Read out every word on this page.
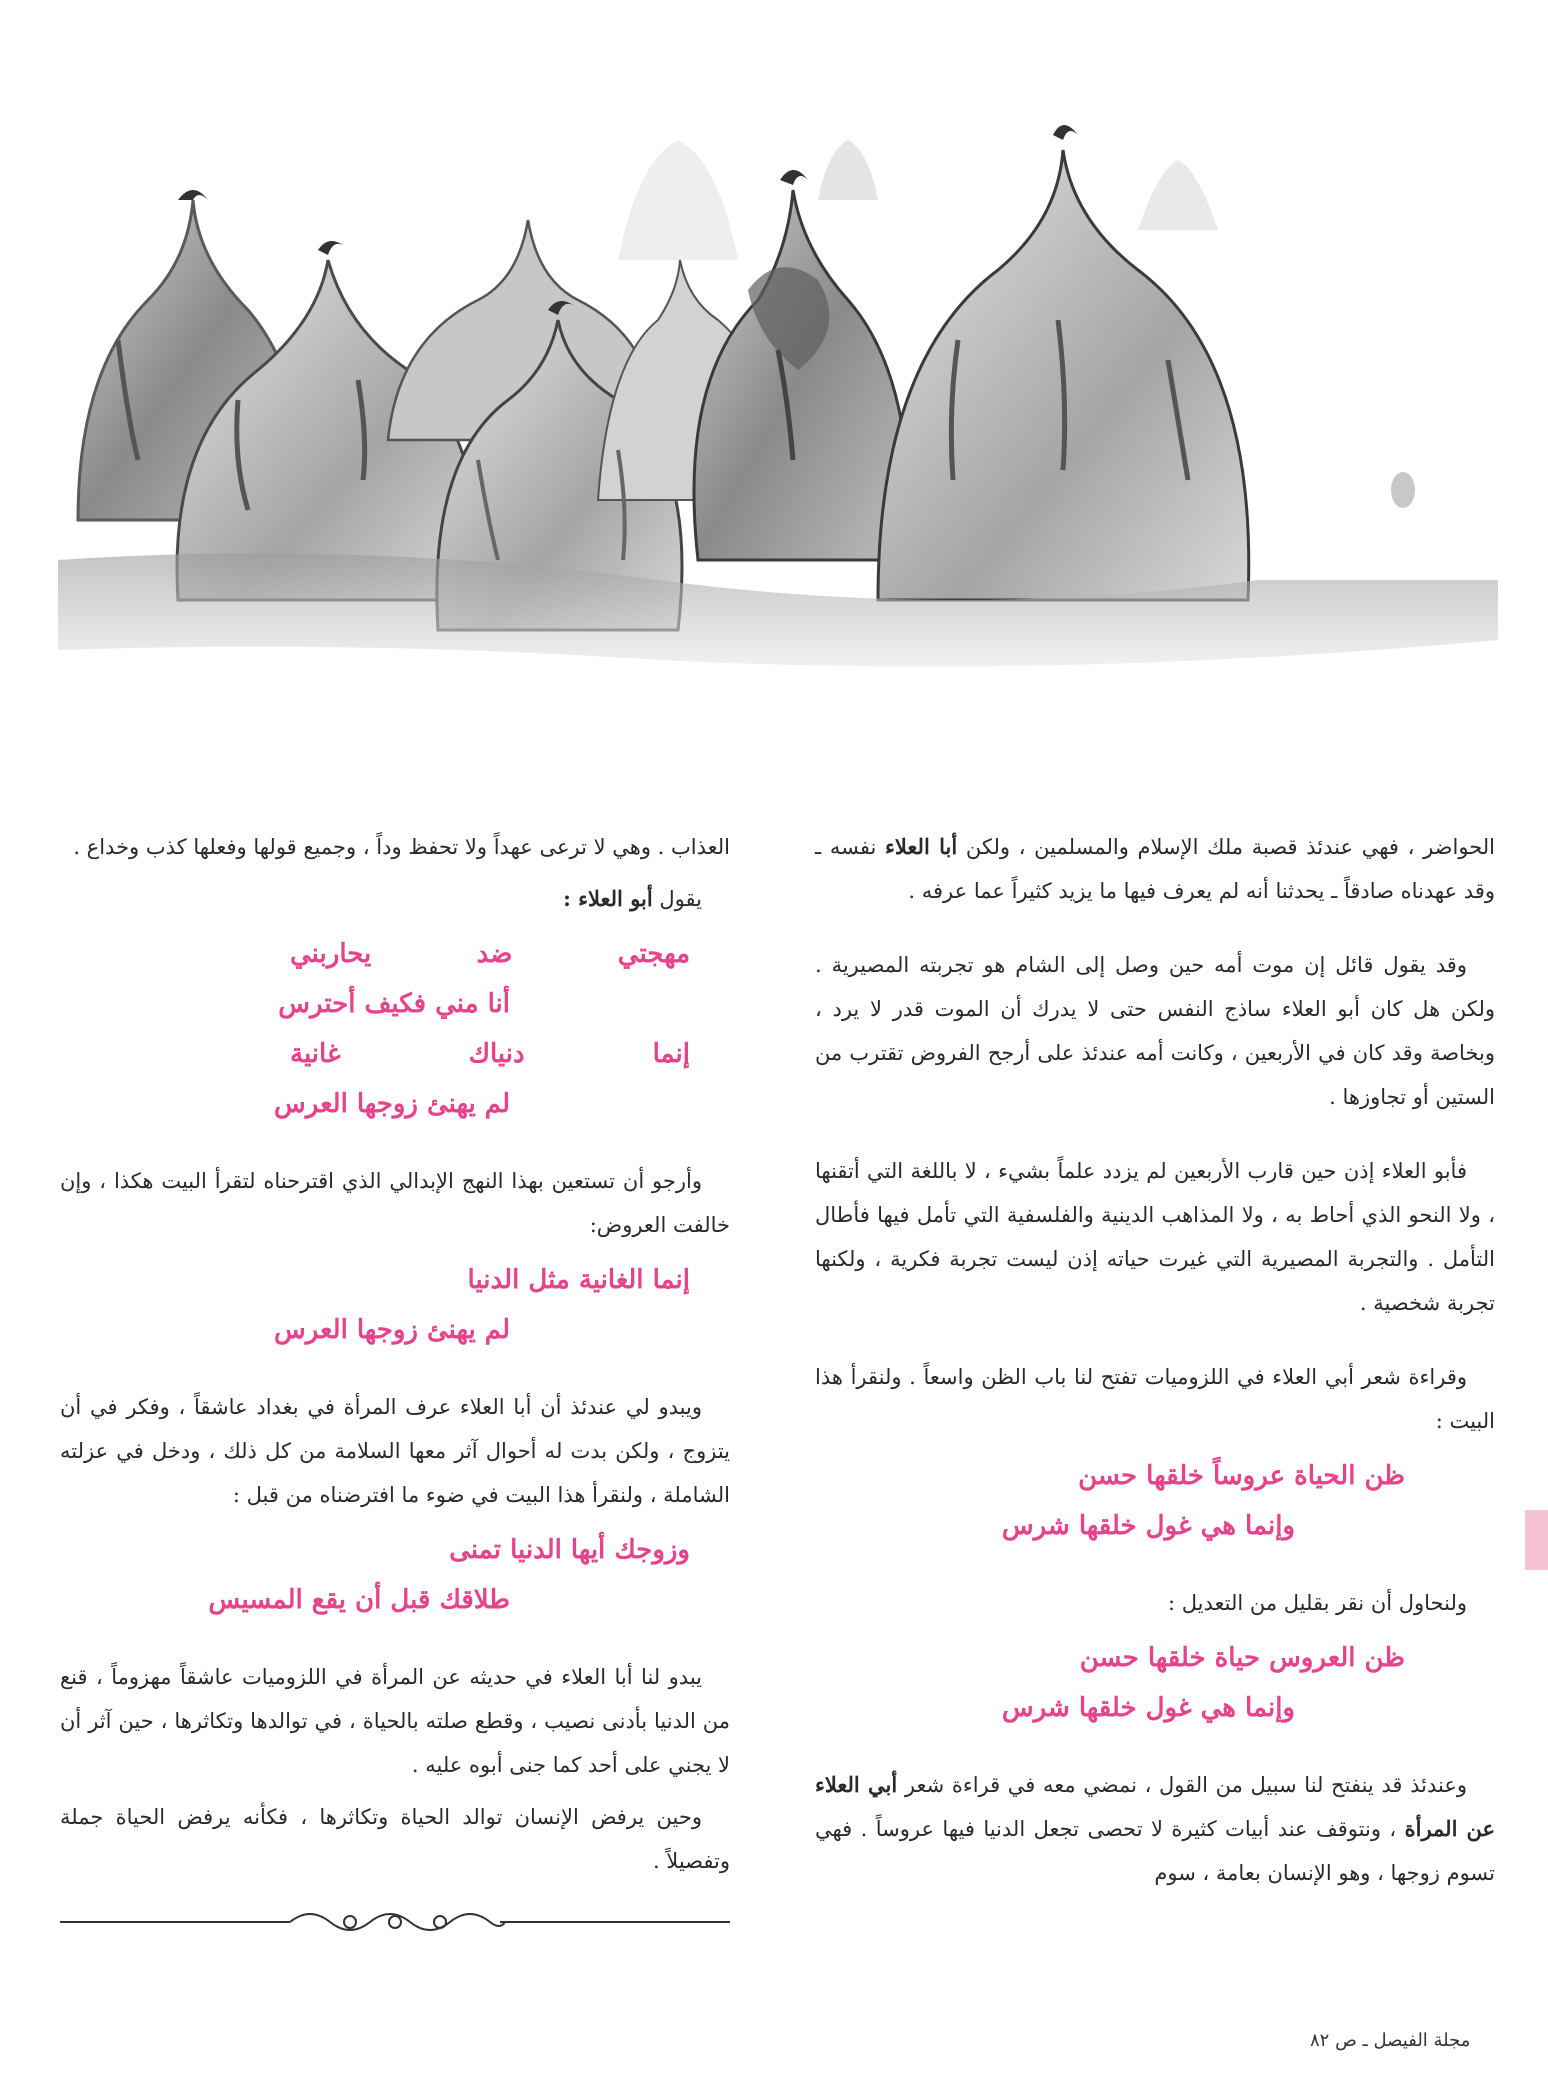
الحواضر ، فهي عندئذ قصبة ملك الإسلام والمسلمين ، ولكن أبا العلاء نفسه ـ وقد عهدناه صادقاً ـ يحدثنا أنه لم يعرف فيها ما يزيد كثيراً عما عرفه .

وقد يقول قائل إن موت أمه حين وصل إلى الشام هو تجربته المصيرية . ولكن هل كان أبو العلاء ساذج النفس حتى لا يدرك أن الموت قدر لا يرد ، وبخاصة وقد كان في الأربعين ، وكانت أمه عندئذ على أرجح الفروض تقترب من الستين أو تجاوزها .

فأبو العلاء إذن حين قارب الأربعين لم يزدد علماً بشيء ، لا باللغة التي أتقنها ، ولا النحو الذي أحاط به ، ولا المذاهب الدينية والفلسفية التي تأمل فيها فأطال التأمل . والتجربة المصيرية التي غيرت حياته إذن ليست تجربة فكرية ، ولكنها تجربة شخصية .

وقراءة شعر أبي العلاء في اللزوميات تفتح لنا باب الظن واسعاً . ولنقرأ هذا البيت :

ظن الحياة عروساً خلقها حسن
وإنما هي غول خلقها شرس

ولنحاول أن نقر بقليل من التعديل :

ظن العروس حياة خلقها حسن
وإنما هي غول خلقها شرس

وعندئذ قد ينفتح لنا سبيل من القول ، نمضي معه في قراءة شعر أبي العلاء عن المرأة ، ونتوقف عند أبيات كثيرة لا تحصى تجعل الدنيا فيها عروساً . فهي تسوم زوجها ، وهو الإنسان بعامة ، سوم

العذاب . وهي لا ترعى عهداً ولا تحفظ وداً ، وجميع قولها وفعلها كذب وخداع .

يقول أبو العلاء :

مهجتي
ضد
يحاربني
أنا مني فكيف أحترس
إنما
دنياك
غانية
لم يهنئ زوجها العرس

وأرجو أن تستعين بهذا النهج الإبدالي الذي اقترحناه لتقرأ البيت هكذا ، وإن خالفت العروض:

إنما الغانية مثل الدنيا
لم يهنئ زوجها العرس

ويبدو لي عندئذ أن أبا العلاء عرف المرأة في بغداد عاشقاً ، وفكر في أن يتزوج ، ولكن بدت له أحوال آثر معها السلامة من كل ذلك ، ودخل في عزلته الشاملة ، ولنقرأ هذا البيت في ضوء ما افترضناه من قبل :

وزوجك أيها الدنيا تمنى
طلاقك قبل أن يقع المسيس

يبدو لنا أبا العلاء في حديثه عن المرأة في اللزوميات عاشقاً مهزوماً ، قنع من الدنيا بأدنى نصيب ، وقطع صلته بالحياة ، في توالدها وتكاثرها ، حين آثر أن لا يجني على أحد كما جنى أبوه عليه .

وحين يرفض الإنسان توالد الحياة وتكاثرها ، فكأنه يرفض الحياة جملة وتفصيلاً .

مجلة الفيصل ـ ص ٨٢
